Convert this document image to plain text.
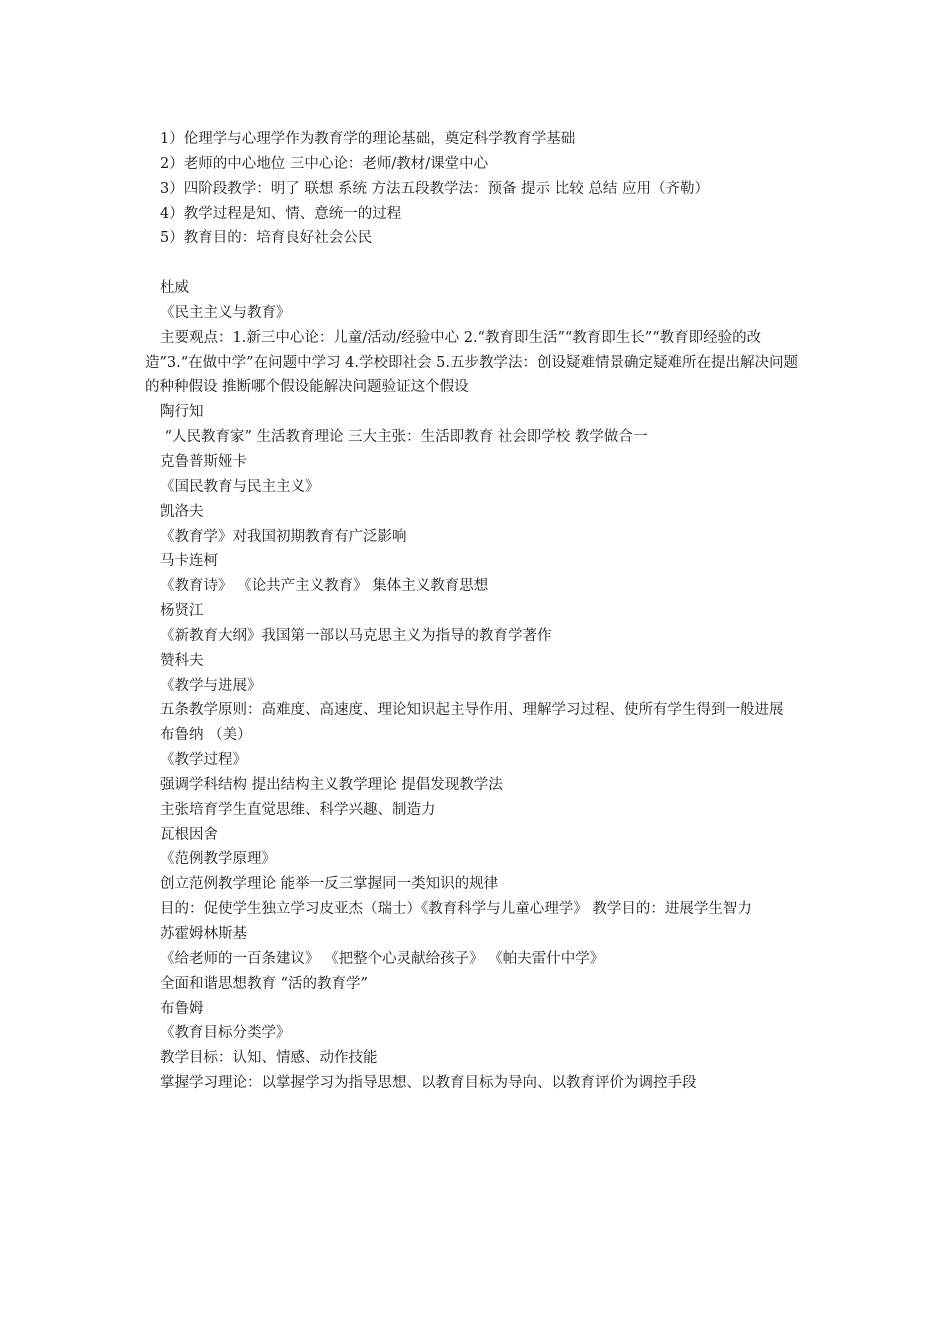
1）伦理学与心理学作为教育学的理论基础，奠定科学教育学基础
2）老师的中心地位 三中心论：老师/教材/课堂中心
3）四阶段教学：明了 联想 系统 方法五段教学法：预备 提示 比较 总结 应用（齐勒）
4）教学过程是知、情、意统一的过程
5）教育目的：培育良好社会公民
杜威
《民主主义与教育》
主要观点：1.新三中心论：儿童/活动/经验中心 2.“教育即生活”“教育即生长”“教育即经验的改造”3.“在做中学”在问题中学习 4.学校即社会 5.五步教学法：创设疑难情景确定疑难所在提出解决问题的种种假设 推断哪个假设能解决问题验证这个假设
陶行知
“人民教育家” 生活教育理论 三大主张：生活即教育 社会即学校 教学做合一
克鲁普斯娅卡
《国民教育与民主主义》
凯洛夫
《教育学》对我国初期教育有广泛影响
马卡连柯
《教育诗》 《论共产主义教育》 集体主义教育思想
杨贤江
《新教育大纲》我国第一部以马克思主义为指导的教育学著作
赞科夫
《教学与进展》
五条教学原则：高难度、高速度、理论知识起主导作用、理解学习过程、使所有学生得到一般进展
布鲁纳 （美）
《教学过程》
强调学科结构 提出结构主义教学理论 提倡发现教学法
主张培育学生直觉思维、科学兴趣、制造力
瓦根因舍
《范例教学原理》
创立范例教学理论 能举一反三掌握同一类知识的规律
目的：促使学生独立学习皮亚杰（瑞士）《教育科学与儿童心理学》 教学目的：进展学生智力
苏霍姆林斯基
《给老师的一百条建议》 《把整个心灵献给孩子》 《帕夫雷什中学》
全面和谐思想教育 “活的教育学”
布鲁姆
《教育目标分类学》
教学目标：认知、情感、动作技能
掌握学习理论：以掌握学习为指导思想、以教育目标为导向、以教育评价为调控手段
